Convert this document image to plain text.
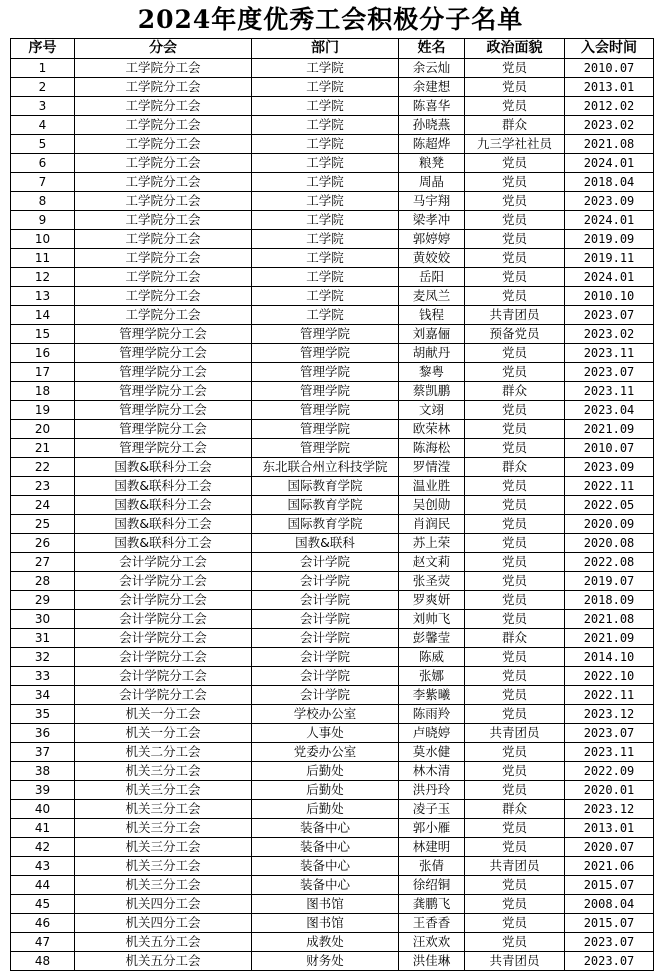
2024年度优秀工会积极分子名单
序号	分会	部门	姓名	政治面貌	入会时间
1	工学院分工会	工学院	余云灿	党员	2010.07
2	工学院分工会	工学院	余建想	党员	2013.01
3	工学院分工会	工学院	陈喜华	党员	2012.02
4	工学院分工会	工学院	孙晓燕	群众	2023.02
5	工学院分工会	工学院	陈超烨	九三学社社员	2021.08
6	工学院分工会	工学院	粮凳	党员	2024.01
7	工学院分工会	工学院	周晶	党员	2018.04
8	工学院分工会	工学院	马宇翔	党员	2023.09
9	工学院分工会	工学院	梁孝冲	党员	2024.01
10	工学院分工会	工学院	郭婷婷	党员	2019.09
11	工学院分工会	工学院	黄姣姣	党员	2019.11
12	工学院分工会	工学院	岳阳	党员	2024.01
13	工学院分工会	工学院	麦凤兰	党员	2010.10
14	工学院分工会	工学院	钱程	共青团员	2023.07
15	管理学院分工会	管理学院	刘嘉俪	预备党员	2023.02
16	管理学院分工会	管理学院	胡献丹	党员	2023.11
17	管理学院分工会	管理学院	黎粤	党员	2023.07
18	管理学院分工会	管理学院	蔡凯鹏	群众	2023.11
19	管理学院分工会	管理学院	文翊	党员	2023.04
20	管理学院分工会	管理学院	欧荣林	党员	2021.09
21	管理学院分工会	管理学院	陈海松	党员	2010.07
22	国教&联科分工会	东北联合州立科技学院	罗情滢	群众	2023.09
23	国教&联科分工会	国际教育学院	温业胜	党员	2022.11
24	国教&联科分工会	国际教育学院	吴创勋	党员	2022.05
25	国教&联科分工会	国际教育学院	肖润民	党员	2020.09
26	国教&联科分工会	国教&联科	苏上荣	党员	2020.08
27	会计学院分工会	会计学院	赵文莉	党员	2022.08
28	会计学院分工会	会计学院	张圣荧	党员	2019.07
29	会计学院分工会	会计学院	罗爽妍	党员	2018.09
30	会计学院分工会	会计学院	刘帅飞	党员	2021.08
31	会计学院分工会	会计学院	彭馨莹	群众	2021.09
32	会计学院分工会	会计学院	陈威	党员	2014.10
33	会计学院分工会	会计学院	张娜	党员	2022.10
34	会计学院分工会	会计学院	李紫曦	党员	2022.11
35	机关一分工会	学校办公室	陈雨羚	党员	2023.12
36	机关一分工会	人事处	卢晓婷	共青团员	2023.07
37	机关二分工会	党委办公室	莫水健	党员	2023.11
38	机关三分工会	后勤处	林木清	党员	2022.09
39	机关三分工会	后勤处	洪丹玲	党员	2020.01
40	机关三分工会	后勤处	凌子玉	群众	2023.12
41	机关三分工会	装备中心	郭小雁	党员	2013.01
42	机关三分工会	装备中心	林建明	党员	2020.07
43	机关三分工会	装备中心	张倩	共青团员	2021.06
44	机关三分工会	装备中心	徐绍铜	党员	2015.07
45	机关四分工会	图书馆	龚鹏飞	党员	2008.04
46	机关四分工会	图书馆	王香香	党员	2015.07
47	机关五分工会	成教处	汪欢欢	党员	2023.07
48	机关五分工会	财务处	洪佳琳	共青团员	2023.07
